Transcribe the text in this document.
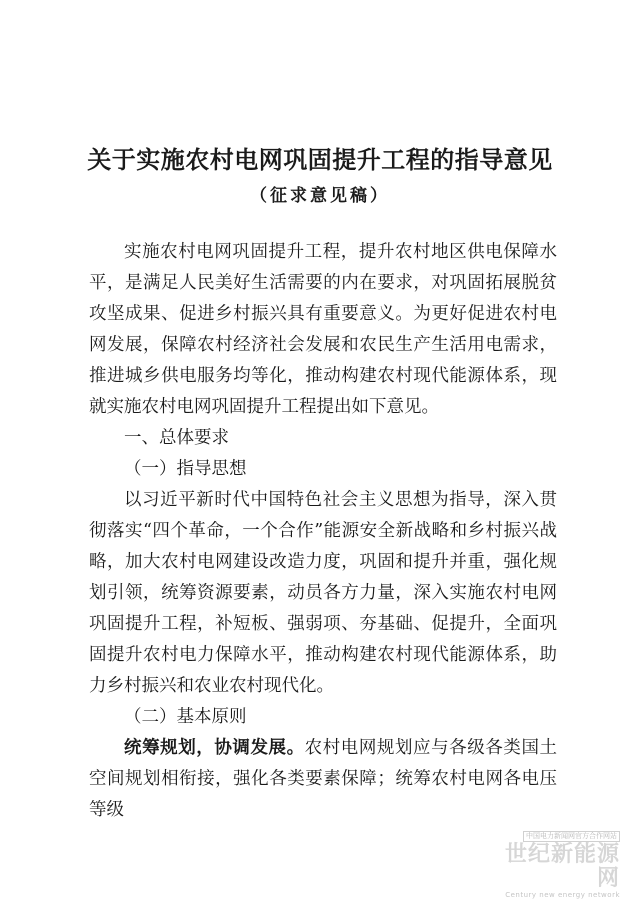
关于实施农村电网巩固提升工程的指导意见
（征求意见稿）

实施农村电网巩固提升工程，提升农村地区供电保障水平，是满足人民美好生活需要的内在要求，对巩固拓展脱贫攻坚成果、促进乡村振兴具有重要意义。为更好促进农村电网发展，保障农村经济社会发展和农民生产生活用电需求，推进城乡供电服务均等化，推动构建农村现代能源体系，现就实施农村电网巩固提升工程提出如下意见。

一、总体要求

（一）指导思想

以习近平新时代中国特色社会主义思想为指导，深入贯彻落实“四个革命，一个合作”能源安全新战略和乡村振兴战略，加大农村电网建设改造力度，巩固和提升并重，强化规划引领，统筹资源要素，动员各方力量，深入实施农村电网巩固提升工程，补短板、强弱项、夯基础、促提升，全面巩固提升农村电力保障水平，推动构建农村现代能源体系，助力乡村振兴和农业农村现代化。

（二）基本原则

统筹规划，协调发展。农村电网规划应与各级各类国土空间规划相衔接，强化各类要素保障；统筹农村电网各电压等级

中国电力新闻网官方合作网站
世纪新能源网
Century new energy network
